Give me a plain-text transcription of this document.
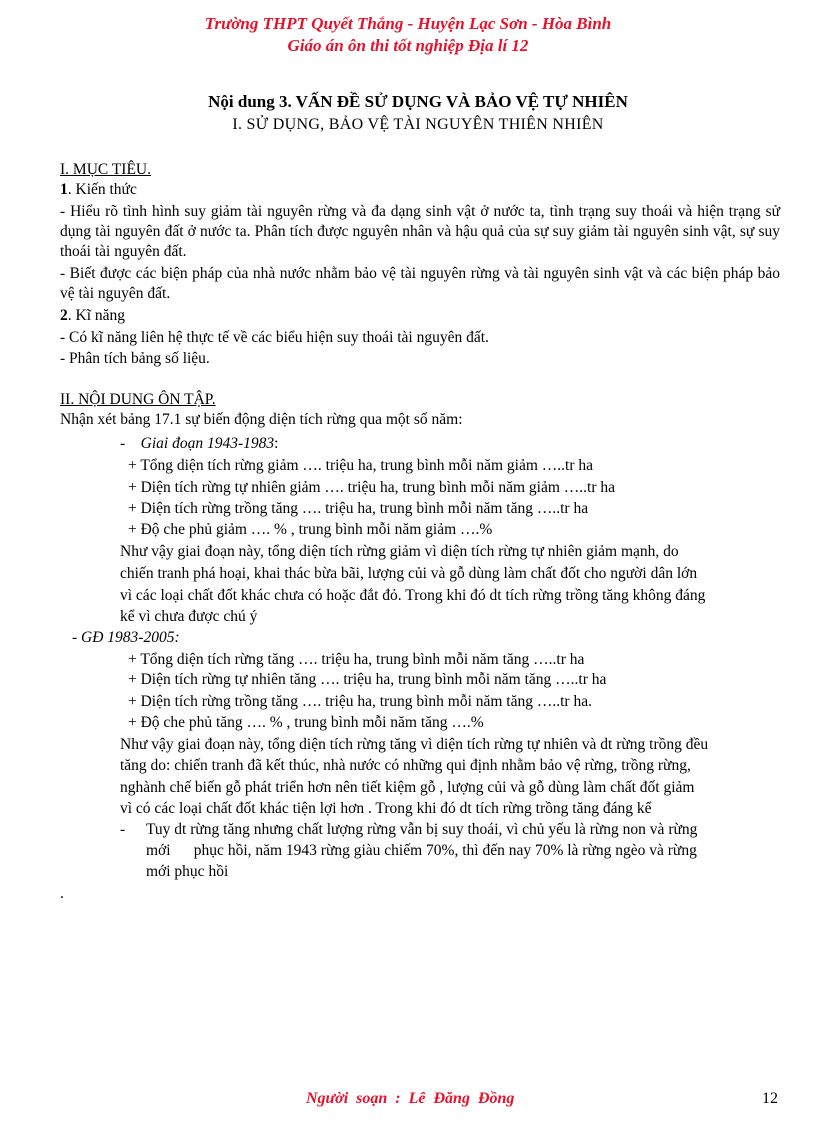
Trường THPT Quyết Thắng - Huyện Lạc Sơn - Hòa Bình
Giáo án ôn thi tốt nghiệp Địa lí 12
Nội dung 3. VẤN ĐỀ SỬ DỤNG VÀ BẢO VỆ TỰ NHIÊN
I. SỬ DỤNG, BẢO VỆ TÀI NGUYÊN THIÊN NHIÊN
I. MỤC TIÊU.
1. Kiến thức
- Hiểu rõ tình hình suy giảm tài nguyên rừng và đa dạng sinh vật ở nước ta, tình trạng suy thoái và hiện trạng sử dụng tài nguyên đất ở nước ta. Phân tích được nguyên nhân và hậu quả của sự suy giảm tài nguyên sinh vật, sự suy thoái tài nguyên đất.
- Biết được các biện pháp của nhà nước nhằm bảo vệ tài nguyên rừng và tài nguyên sinh vật và các biện pháp bảo vệ tài nguyên đất.
2. Kĩ năng
- Có kĩ năng liên hệ thực tế về các biểu hiện suy thoái tài nguyên đất.
- Phân tích bảng số liệu.
II. NỘI DUNG ÔN TẬP.
Nhận xét bảng 17.1 sự biến động diện tích rừng qua một số năm:
- Giai đoạn 1943-1983:
+ Tổng diện tích rừng giảm …. triệu ha, trung bình mỗi năm giảm …..tr ha
+ Diện tích rừng tự nhiên giảm …. triệu ha, trung bình mỗi năm giảm …..tr ha
+ Diện tích rừng trồng tăng …. triệu ha, trung bình mỗi năm tăng …..tr ha
+ Độ che phủ giảm …. % , trung bình mỗi năm giảm ….%
Như vậy giai đoạn này, tổng diện tích rừng giảm vì diện tích rừng tự nhiên giảm mạnh, do
chiến tranh phá hoại, khai thác bừa bãi, lượng củi và gỗ dùng làm chất đốt cho người dân lớn
vì các loại chất đốt khác chưa có hoặc đắt đỏ. Trong khi đó dt tích rừng trồng tăng không đáng
kể vì chưa được chú ý
- GĐ 1983-2005:
+ Tổng diện tích rừng tăng …. triệu ha, trung bình mỗi năm tăng …..tr ha
+ Diện tích rừng tự nhiên tăng …. triệu ha, trung bình mỗi năm tăng …..tr ha
+ Diện tích rừng trồng tăng …. triệu ha, trung bình mỗi năm tăng …..tr ha.
+ Độ che phủ tăng …. % , trung bình mỗi năm tăng ….%
Như vậy giai đoạn này, tổng diện tích rừng tăng vì diện tích rừng tự nhiên và dt rừng trồng đều
tăng do: chiến tranh đã kết thúc, nhà nước có những qui định nhằm bảo vệ rừng, trồng rừng,
nghành chế biến gỗ phát triển hơn nên tiết kiệm gỗ , lượng củi và gỗ dùng làm chất đốt giảm
vì có các loại chất đốt khác tiện lợi hơn . Trong khi đó dt tích rừng trồng tăng đáng kể
- Tuy dt rừng tăng nhưng chất lượng rừng vẫn bị suy thoái, vì chủ yếu là rừng non và rừng
mới      phục hồi, năm 1943 rừng giàu chiếm 70%, thì đến nay 70% là rừng ngèo và rừng
mới phục hồi
.
Người soạn : Lê Đăng Đồng	12
